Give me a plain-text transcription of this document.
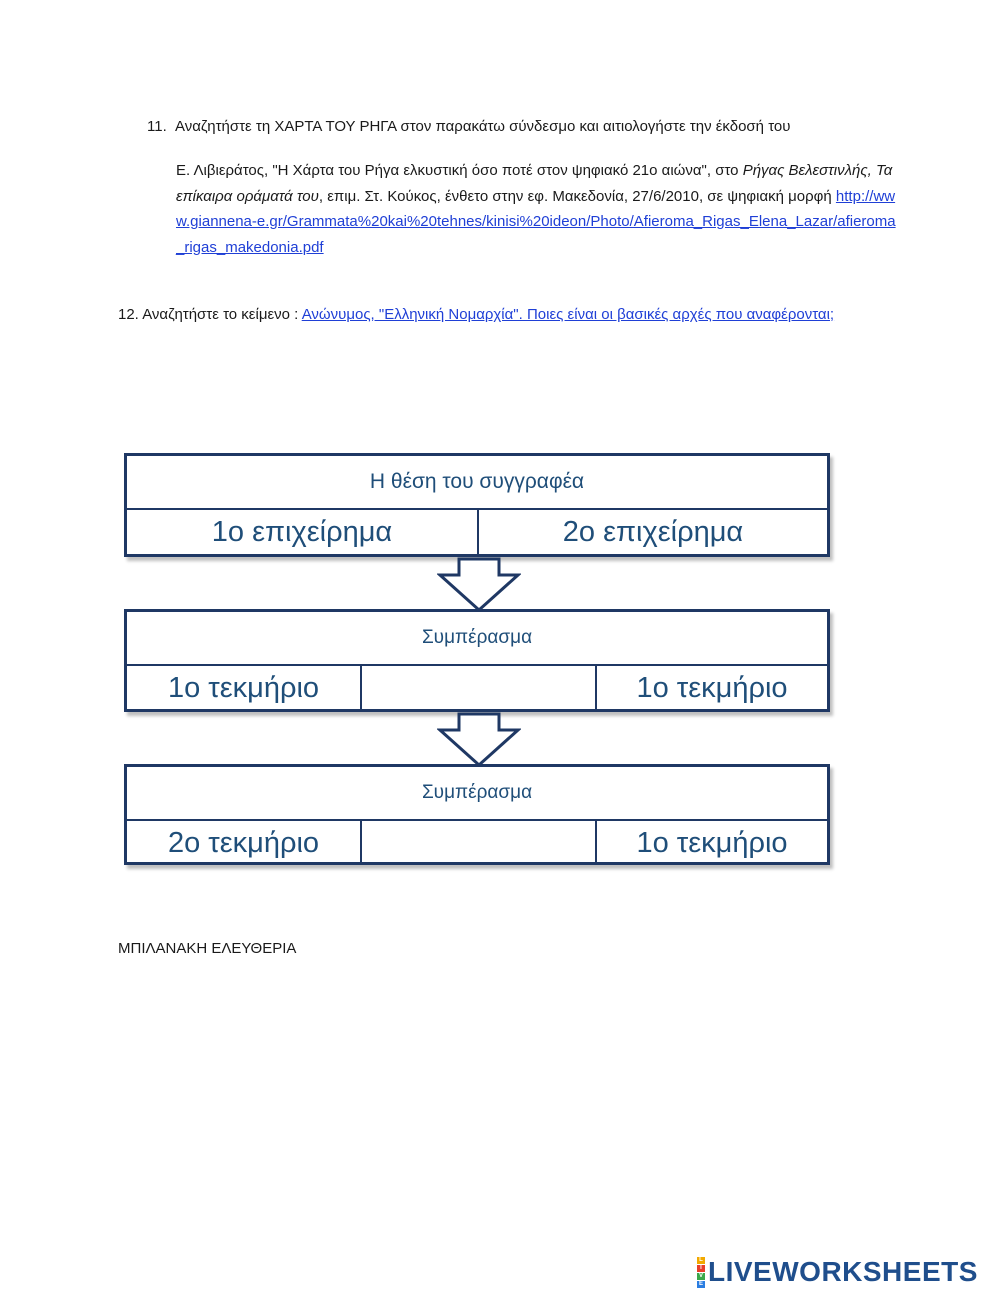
11. Αναζητήστε τη ΧΑΡΤΑ ΤΟΥ ΡΗΓΑ στον παρακάτω σύνδεσμο και αιτιολογήστε την έκδοσή του
Ε. Λιβιεράτος, "Η Χάρτα του Ρήγα ελκυστική όσο ποτέ στον ψηφιακό 21ο αιώνα", στο Ρήγας Βελεστινλής, Τα επίκαιρα οράματά του, επιμ. Στ. Κούκος, ένθετο στην εφ. Μακεδονία, 27/6/2010, σε ψηφιακή μορφή http://www.giannena-e.gr/Grammata%20kai%20tehnes/kinisi%20ideon/Photo/Afieroma_Rigas_Elena_Lazar/afieroma_rigas_makedonia.pdf
12. Αναζητήστε το κείμενο : Ανώνυμος, "Ελληνική Νομαρχία". Ποιες είναι οι βασικές αρχές που αναφέρονται;
Η θέση του συγγραφέα
1ο επιχείρημα	2ο επιχείρημα
Συμπέρασμα
1ο τεκμήριο	1ο τεκμήριο
Συμπέρασμα
2ο τεκμήριο	1ο τεκμήριο
ΜΠΙΛΑΝΑΚΗ ΕΛΕΥΘΕΡΙΑ
L
I
V
E LIVEWORKSHEETS
